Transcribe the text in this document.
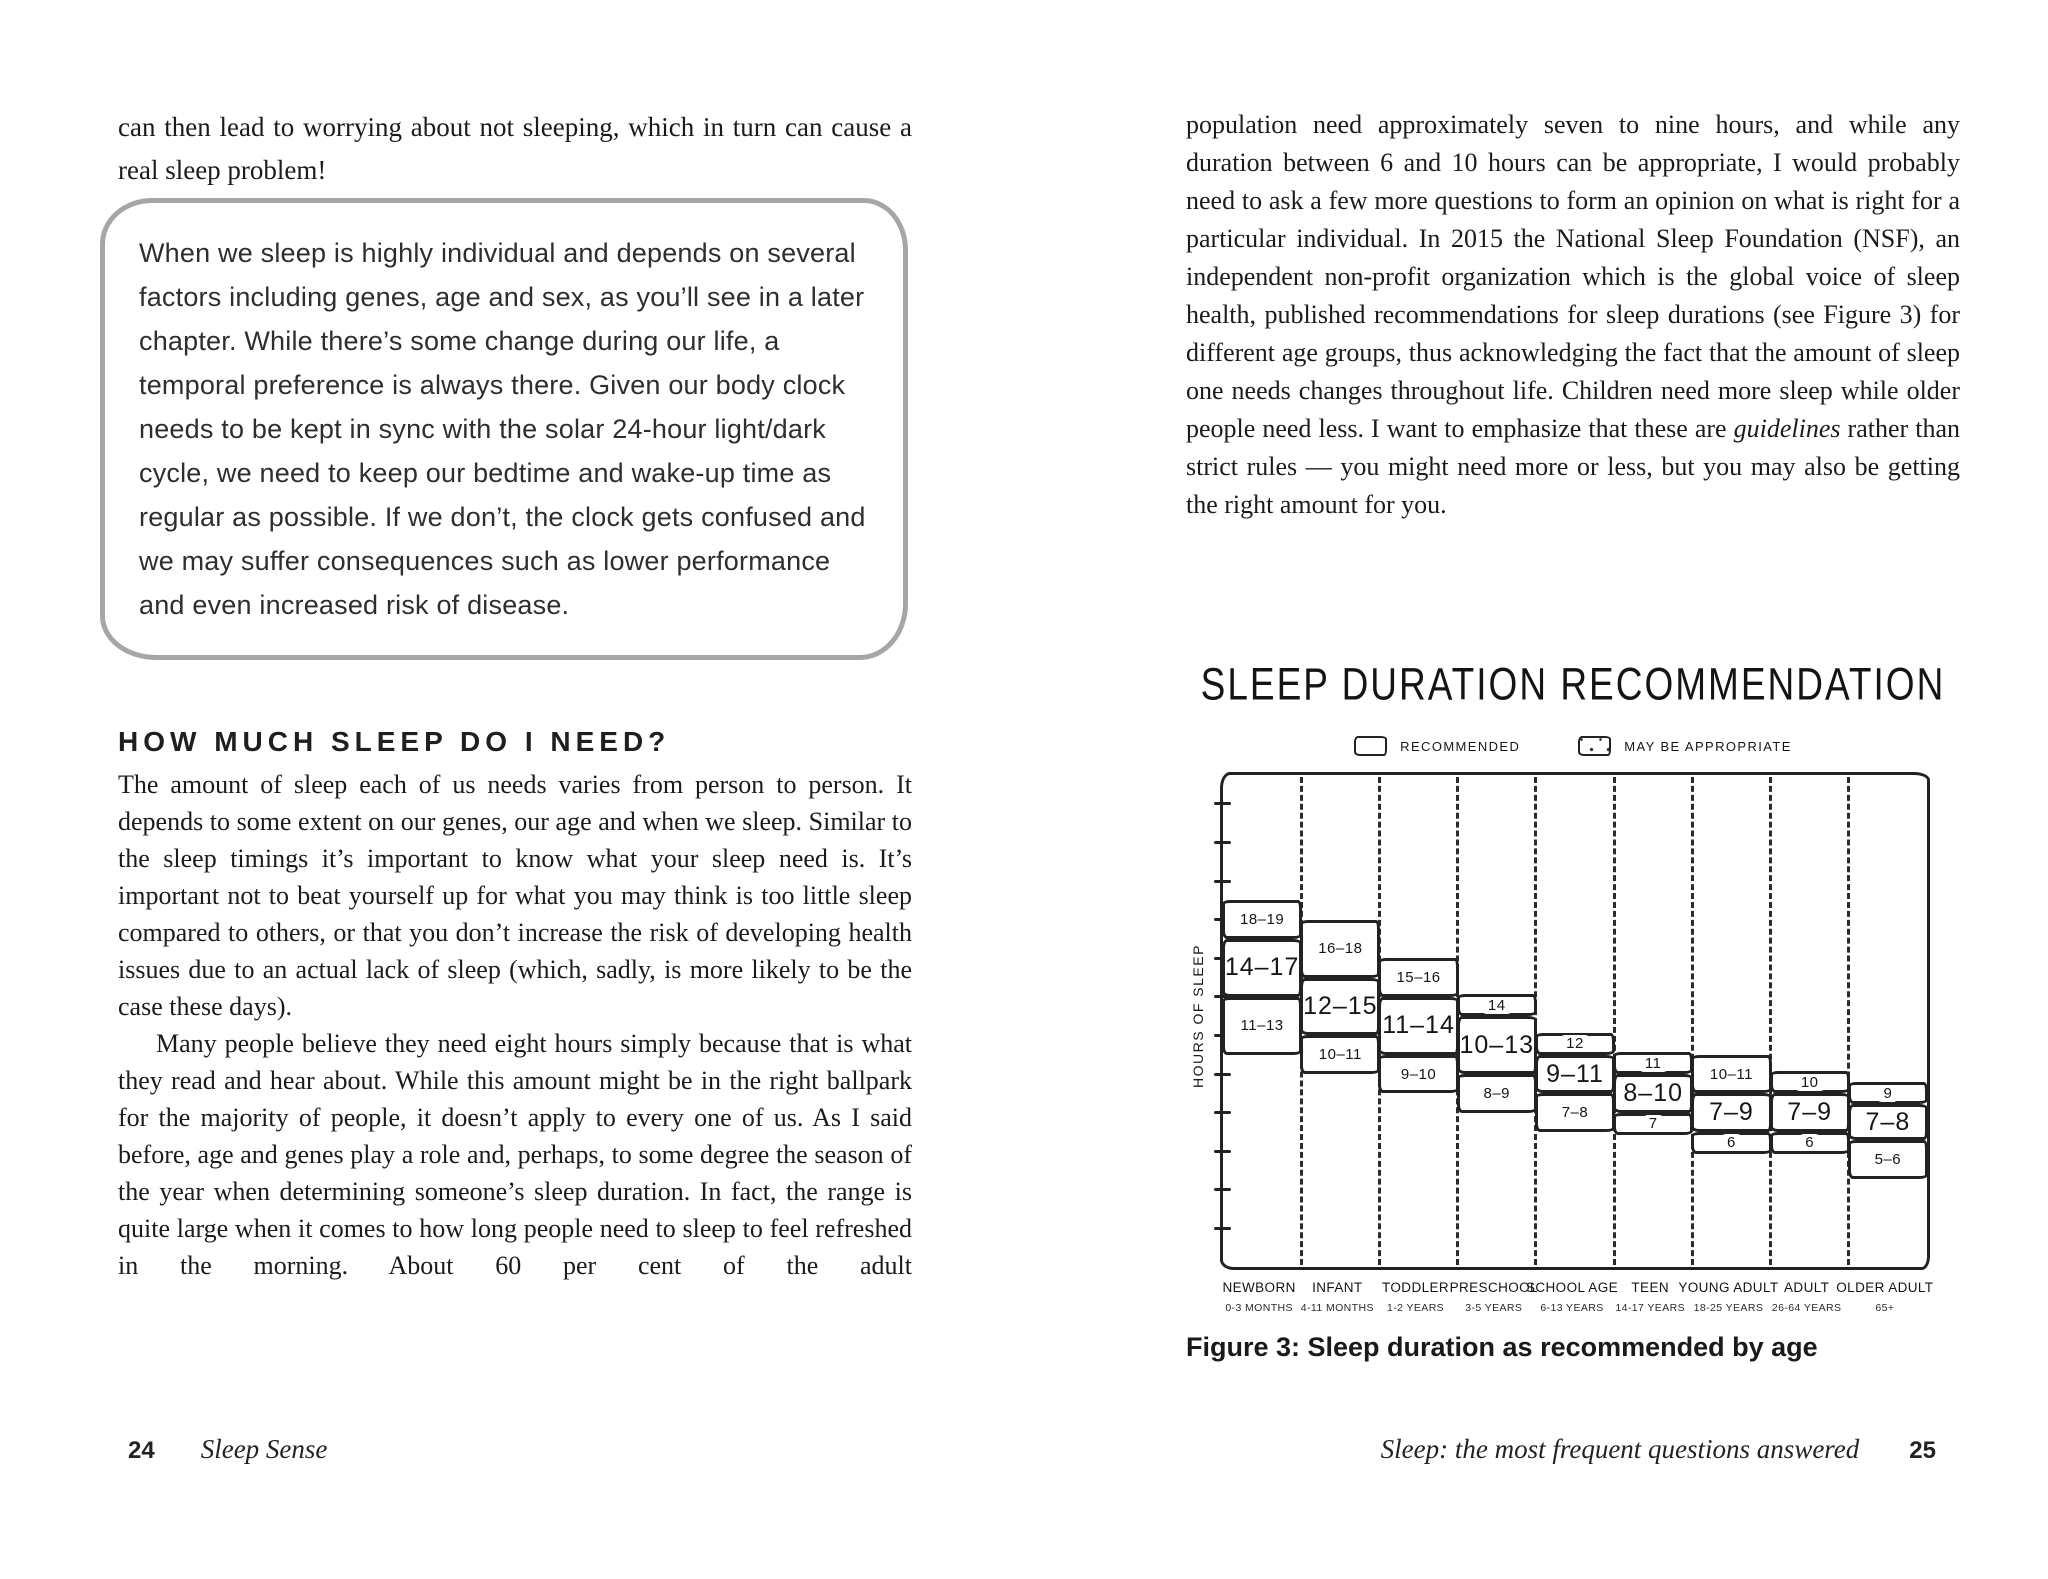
can then lead to worrying about not sleeping, which in turn can cause a real sleep problem!

When we sleep is highly individual and depends on several factors including genes, age and sex, as you’ll see in a later chapter. While there’s some change during our life, a temporal preference is always there. Given our body clock needs to be kept in sync with the solar 24-hour light/dark cycle, we need to keep our bedtime and wake-up time as regular as possible. If we don’t, the clock gets confused and we may suffer consequences such as lower performance and even increased risk of disease.

HOW MUCH SLEEP DO I NEED?

The amount of sleep each of us needs varies from person to person. It depends to some extent on our genes, our age and when we sleep. Similar to the sleep timings it’s important to know what your sleep need is. It’s important not to beat yourself up for what you may think is too little sleep compared to others, or that you don’t increase the risk of developing health issues due to an actual lack of sleep (which, sadly, is more likely to be the case these days).

Many people believe they need eight hours simply because that is what they read and hear about. While this amount might be in the right ballpark for the majority of people, it doesn’t apply to every one of us. As I said before, age and genes play a role and, perhaps, to some degree the season of the year when determining someone’s sleep duration. In fact, the range is quite large when it comes to how long people need to sleep to feel refreshed in the morning. About 60 per cent of the adult

24 Sleep Sense

population need approximately seven to nine hours, and while any duration between 6 and 10 hours can be appropriate, I would probably need to ask a few more questions to form an opinion on what is right for a particular individual. In 2015 the National Sleep Foundation (NSF), an independent non-profit organization which is the global voice of sleep health, published recommendations for sleep durations (see Figure 3) for different age groups, thus acknowledging the fact that the amount of sleep one needs changes throughout life. Children need more sleep while older people need less. I want to emphasize that these are guidelines rather than strict rules — you might need more or less, but you may also be getting the right amount for you.

SLEEP DURATION RECOMMENDATION
RECOMMENDED	MAY BE APPROPRIATE
HOURS OF SLEEP
18–19
14–17
11–13
16–18
12–15
10–11
15–16
11–14
9–10
14
10–13
8–9
12
9–11
7–8
11
8–10
7
10–11
7–9
6
10
7–9
6
9
7–8
5–6
NEWBORN
0-3 MONTHS
INFANT
4-11 MONTHS
TODDLER
1-2 YEARS
PRESCHOOL
3-5 YEARS
SCHOOL AGE
6-13 YEARS
TEEN
14-17 YEARS
YOUNG ADULT
18-25 YEARS
ADULT
26-64 YEARS
OLDER ADULT
65+
Figure 3: Sleep duration as recommended by age
Sleep: the most frequent questions answered 25
